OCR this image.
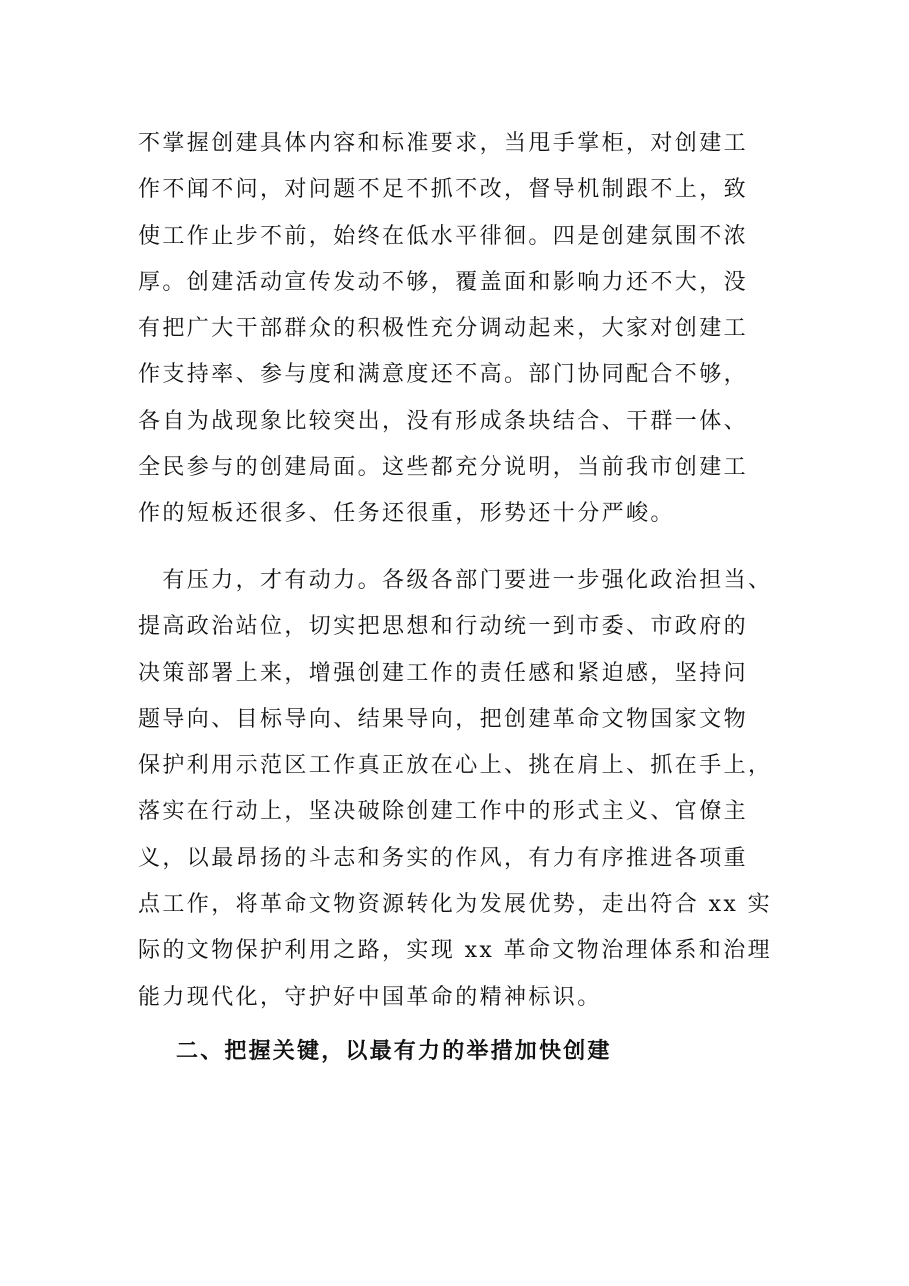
不掌握创建具体内容和标准要求，当甩手掌柜，对创建工
作不闻不问，对问题不足不抓不改，督导机制跟不上，致
使工作止步不前，始终在低水平徘徊。四是创建氛围不浓
厚。创建活动宣传发动不够，覆盖面和影响力还不大，没
有把广大干部群众的积极性充分调动起来，大家对创建工
作支持率、参与度和满意度还不高。部门协同配合不够，
各自为战现象比较突出，没有形成条块结合、干群一体、
全民参与的创建局面。这些都充分说明，当前我市创建工
作的短板还很多、任务还很重，形势还十分严峻。
　有压力，才有动力。各级各部门要进一步强化政治担当、
提高政治站位，切实把思想和行动统一到市委、市政府的
决策部署上来，增强创建工作的责任感和紧迫感，坚持问
题导向、目标导向、结果导向，把创建革命文物国家文物
保护利用示范区工作真正放在心上、挑在肩上、抓在手上，
落实在行动上，坚决破除创建工作中的形式主义、官僚主
义，以最昂扬的斗志和务实的作风，有力有序推进各项重
点工作，将革命文物资源转化为发展优势，走出符合 xx 实
际的文物保护利用之路，实现 xx 革命文物治理体系和治理
能力现代化，守护好中国革命的精神标识。
二、把握关键，以最有力的举措加快创建
